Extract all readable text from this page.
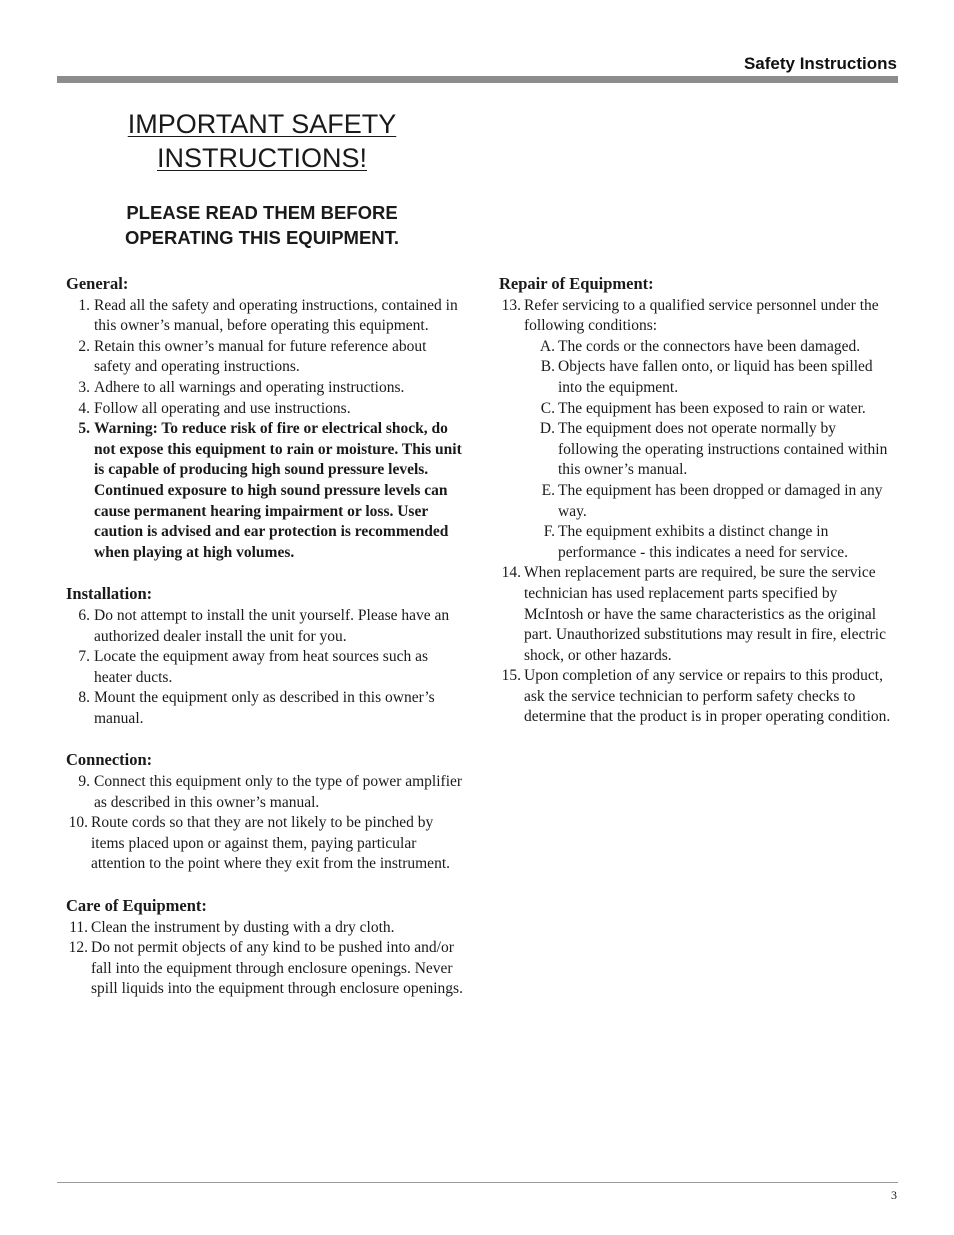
Safety Instructions
IMPORTANT SAFETY
INSTRUCTIONS!
PLEASE READ THEM BEFORE
OPERATING THIS EQUIPMENT.
General:
1. Read all the safety and operating instructions, contained in this owner’s manual, before operating this equipment.
2. Retain this owner’s manual for future reference about safety and operating instructions.
3. Adhere to all warnings and operating instructions.
4. Follow all operating and use instructions.
5. Warning: To reduce risk of fire or electrical shock, do not expose this equipment to rain or moisture. This unit is capable of producing high sound pressure levels. Continued exposure to high sound pressure levels can cause permanent hearing impairment or loss. User caution is advised and ear protection is recommended when playing at high volumes.
Installation:
6. Do not attempt to install the unit yourself. Please have an authorized dealer install the unit for you.
7. Locate the equipment away from heat sources such as heater ducts.
8. Mount the equipment only as described in this owner’s manual.
Connection:
9. Connect this equipment only to the type of power amplifier as described in this owner’s manual.
10. Route cords so that they are not likely to be pinched by items placed upon or against them, paying particular attention to the point where they exit from the instrument.
Care of Equipment:
11. Clean the instrument by dusting with a dry cloth.
12. Do not permit objects of any kind to be pushed into and/or fall into the equipment through enclosure openings. Never spill liquids into the equipment through enclosure openings.
Repair of Equipment:
13. Refer servicing to a qualified service personnel under the following conditions:
A. The cords or the connectors have been damaged.
B. Objects have fallen onto, or liquid has been spilled into the equipment.
C. The equipment has been exposed to rain or water.
D. The equipment does not operate normally by following the operating instructions contained within this owner’s manual.
E. The equipment has been dropped or damaged in any way.
F. The equipment exhibits a distinct change in performance - this indicates a need for service.
14. When replacement parts are required, be sure the service technician has used replacement parts specified by McIntosh or have the same characteristics as the original part. Unauthorized substitutions may result in fire, electric shock, or other hazards.
15. Upon completion of any service or repairs to this product, ask the service technician to perform safety checks to determine that the product is in proper operating condition.
3
